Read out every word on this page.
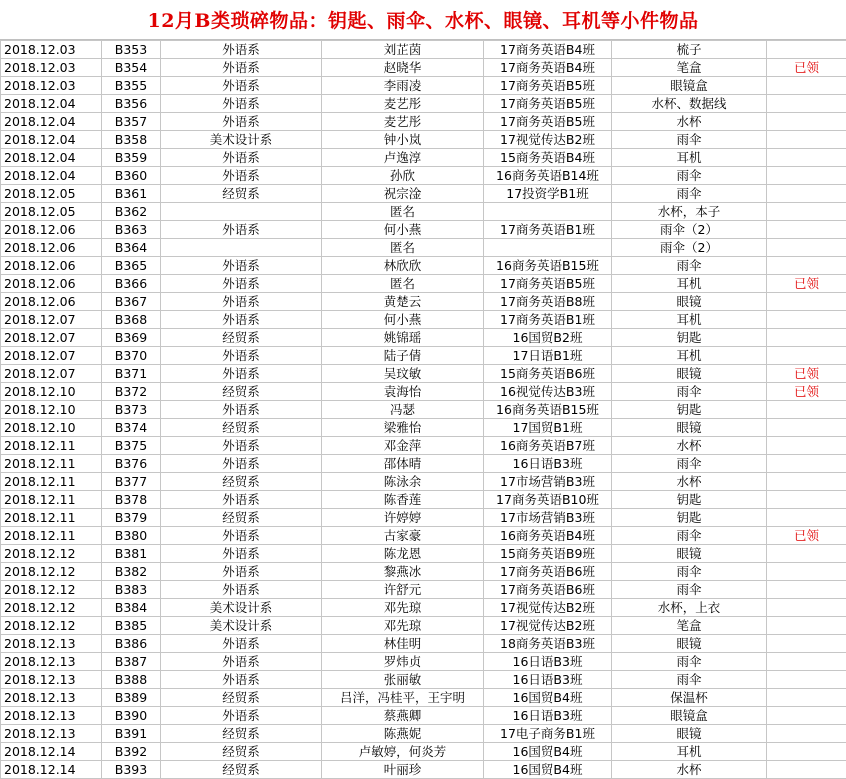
12月B类琐碎物品：钥匙、雨伞、水杯、眼镜、耳机等小件物品
2018.12.03	B353	外语系	刘芷茵	17商务英语B4班	梳子	
2018.12.03	B354	外语系	赵晓华	17商务英语B4班	笔盒	已领
2018.12.03	B355	外语系	李雨凌	17商务英语B5班	眼镜盒	
2018.12.04	B356	外语系	麦艺彤	17商务英语B5班	水杯、数据线	
2018.12.04	B357	外语系	麦艺彤	17商务英语B5班	水杯	
2018.12.04	B358	美术设计系	钟小岚	17视觉传达B2班	雨伞	
2018.12.04	B359	外语系	卢逸淳	15商务英语B4班	耳机	
2018.12.04	B360	外语系	孙欣	16商务英语B14班	雨伞	
2018.12.05	B361	经贸系	祝宗淦	17投资学B1班	雨伞	
2018.12.05	B362		匿名		水杯，本子	
2018.12.06	B363	外语系	何小燕	17商务英语B1班	雨伞（2）	
2018.12.06	B364		匿名		雨伞（2）	
2018.12.06	B365	外语系	林欣欣	16商务英语B15班	雨伞	
2018.12.06	B366	外语系	匿名	17商务英语B5班	耳机	已领
2018.12.06	B367	外语系	黄楚云	17商务英语B8班	眼镜	
2018.12.07	B368	外语系	何小燕	17商务英语B1班	耳机	
2018.12.07	B369	经贸系	姚锦瑶	16国贸B2班	钥匙	
2018.12.07	B370	外语系	陆子倩	17日语B1班	耳机	
2018.12.07	B371	外语系	吴玟敏	15商务英语B6班	眼镜	已领
2018.12.10	B372	经贸系	袁海怡	16视觉传达B3班	雨伞	已领
2018.12.10	B373	外语系	冯瑟	16商务英语B15班	钥匙	
2018.12.10	B374	经贸系	梁雅怡	17国贸B1班	眼镜	
2018.12.11	B375	外语系	邓金萍	16商务英语B7班	水杯	
2018.12.11	B376	外语系	邵体晴	16日语B3班	雨伞	
2018.12.11	B377	经贸系	陈泳余	17市场营销B3班	水杯	
2018.12.11	B378	外语系	陈香莲	17商务英语B10班	钥匙	
2018.12.11	B379	经贸系	许婷婷	17市场营销B3班	钥匙	
2018.12.11	B380	外语系	古家豪	16商务英语B4班	雨伞	已领
2018.12.12	B381	外语系	陈龙恩	15商务英语B9班	眼镜	
2018.12.12	B382	外语系	黎燕冰	17商务英语B6班	雨伞	
2018.12.12	B383	外语系	许舒元	17商务英语B6班	雨伞	
2018.12.12	B384	美术设计系	邓先琼	17视觉传达B2班	水杯，上衣	
2018.12.12	B385	美术设计系	邓先琼	17视觉传达B2班	笔盒	
2018.12.13	B386	外语系	林佳明	18商务英语B3班	眼镜	
2018.12.13	B387	外语系	罗炜贞	16日语B3班	雨伞	
2018.12.13	B388	外语系	张丽敏	16日语B3班	雨伞	
2018.12.13	B389	经贸系	吕洋，冯桂平，王宇明	16国贸B4班	保温杯	
2018.12.13	B390	外语系	蔡燕卿	16日语B3班	眼镜盒	
2018.12.13	B391	经贸系	陈燕妮	17电子商务B1班	眼镜	
2018.12.14	B392	经贸系	卢敏婷，何炎芳	16国贸B4班	耳机	
2018.12.14	B393	经贸系	叶丽珍	16国贸B4班	水杯	
